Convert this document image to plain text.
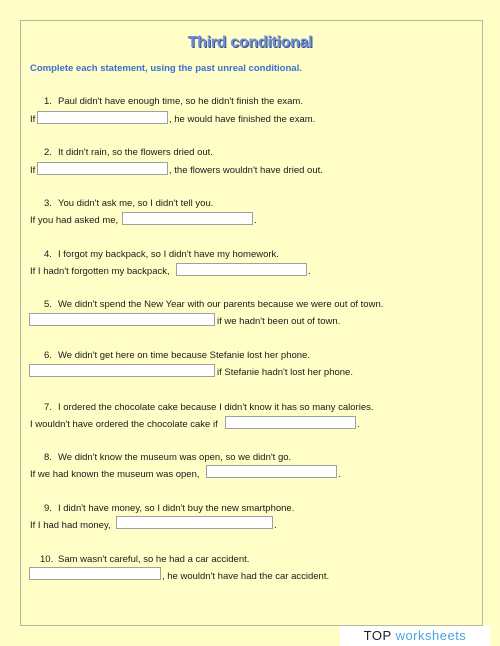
Third conditional
Complete each statement, using the past unreal conditional.
1. Paul didn't have enough time, so he didn't finish the exam.
If	, he would have finished the exam.
2. It didn't rain, so the flowers dried out.
If	, the flowers wouldn't have dried out.
3. You didn't ask me, so I didn't tell you.
If you had asked me,	.
4. I forgot my backpack, so I didn't have my homework.
If I hadn't forgotten my backpack,	.
5. We didn't spend the New Year with our parents because we were out of town.
if we hadn't been out of town.
6. We didn't get here on time because Stefanie lost her phone.
if Stefanie hadn't lost her phone.
7. I ordered the chocolate cake because I didn't know it has so many calories.
I wouldn't have ordered the chocolate cake if	.
8. We didn't know the museum was open, so we didn't go.
If we had known the museum was open,	.
9. I didn't have money, so I didn't buy the new smartphone.
If I had had money,	.
10. Sam wasn't careful, so he had a car accident.
, he wouldn't have had the car accident.
TOP worksheets
